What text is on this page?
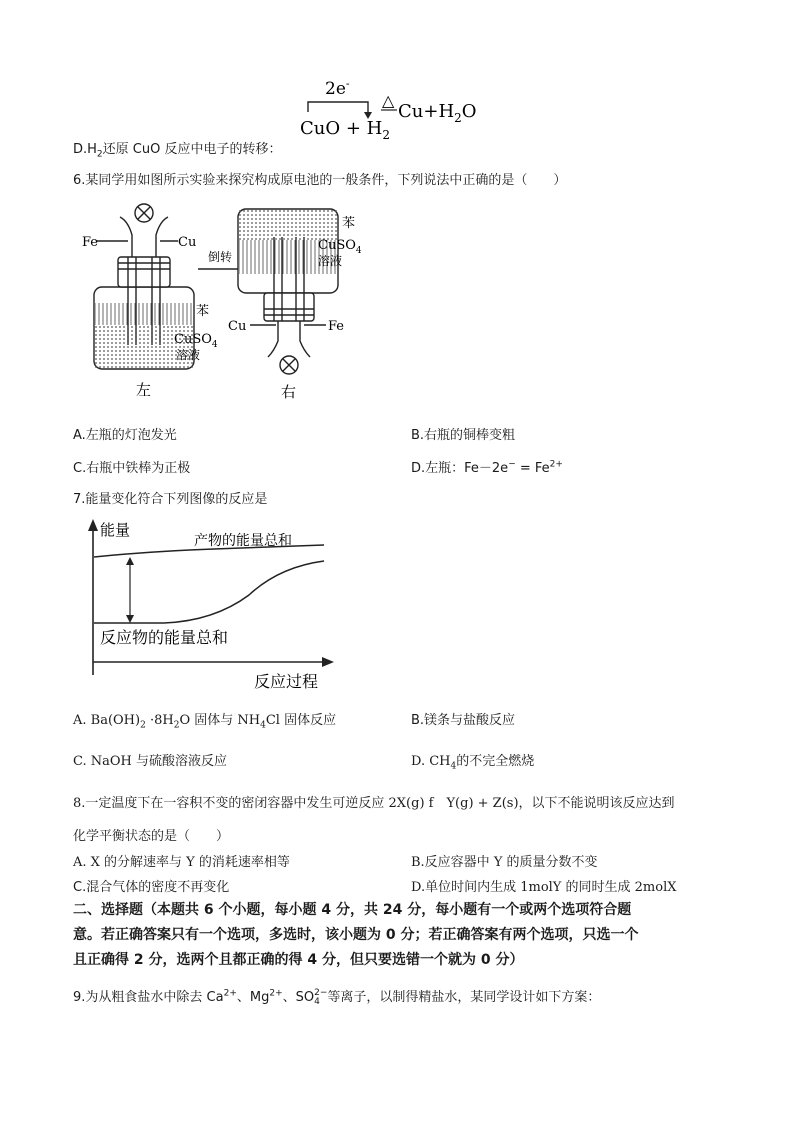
$D.H_2$还原 CuO 反应中电子的转移：
2e-
CuO + $H_2$
△
$Cu+H_2O$
6.某同学用如图所示实验来探究构成原电池的一般条件，下列说法中正确的是（　　）
Fe	Cu
倒转
苯
CuSO$_4$
溶液
左
苯
CuSO$_4$
溶液
Cu	Fe
右
A.左瓶的灯泡发光	B.右瓶的铜棒变粗
C.右瓶中铁棒为正极	D.左瓶：$Fe-2e^- = Fe^{2+}$
7.能量变化符合下列图像的反应是
能量
产物的能量总和
反应物的能量总和
反应过程
A. $Ba(OH)_2 \cdot 8H_2O$ 固体与 $NH_4Cl$ 固体反应	B.镁条与盐酸反应
C. NaOH 与硫酸溶液反应	D. $CH_4$的不完全燃烧
8.一定温度下在一容积不变的密闭容器中发生可逆反应 2X(g) f　Y(g) + Z(s)，以下不能说明该反应达到
化学平衡状态的是（　　）
A. X 的分解速率与 Y 的消耗速率相等	B.反应容器中 Y 的质量分数不变
C.混合气体的密度不再变化	D.单位时间内生成 1molY 的同时生成 2molX
二、选择题（本题共 6 个小题，每小题 4 分，共 24 分，每小题有一个或两个选项符合题
意。若正确答案只有一个选项，多选时，该小题为 0 分；若正确答案有两个选项，只选一个
且正确得 2 分，选两个且都正确的得 4 分，但只要选错一个就为 0 分）
9.为从粗食盐水中除去 $Ca^{2+}$、$Mg^{2+}$、SO 2−
4 等离子，以制得精盐水，某同学设计如下方案：
